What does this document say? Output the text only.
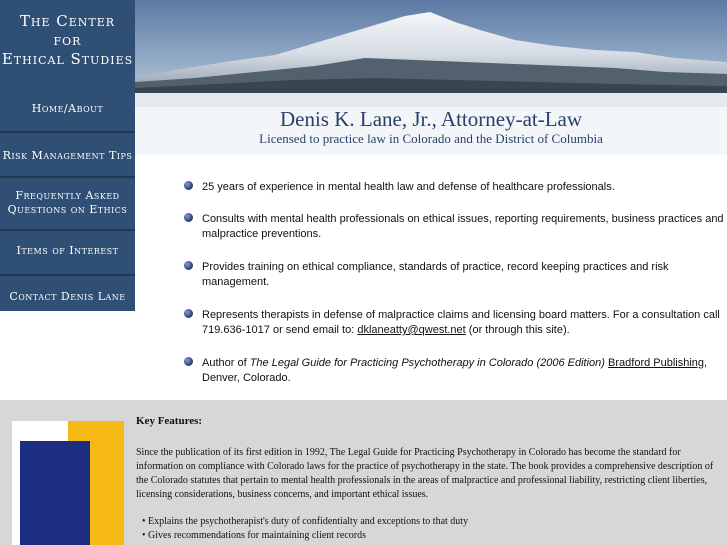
The Center
for
Ethical Studies
Home/About
Risk Management Tips
Frequently Asked
Questions on Ethics
Items of Interest
Contact Denis Lane
Denis K. Lane, Jr., Attorney-at-Law
Licensed to practice law in Colorado and the District of Columbia
25 years of experience in mental health law and defense of healthcare professionals.
Consults with mental health professionals on ethical issues, reporting requirements, business practices and malpractice preventions.
Provides training on ethical compliance, standards of practice, record keeping practices and risk management.
Represents therapists in defense of malpractice claims and licensing board matters. For a consultation call 719.636-1017 or send email to: dklaneatty@qwest.net (or through this site).
Author of The Legal Guide for Practicing Psychotherapy in Colorado (2006 Edition) Bradford Publishing, Denver, Colorado.
Key Features:
Since the publication of its first edition in 1992, The Legal Guide for Practicing Psychotherapy in Colorado has become the standard for information on compliance with Colorado laws for the practice of psychotherapy in the state. The book provides a comprehensive description of the Colorado statutes that pertain to mental health professionals in the areas of malpractice and professional liability, restricting client liberties, licensing considerations, business concerns, and important ethical issues.
• Explains the psychotherapist's duty of confidentialty and exceptions to that duty
• Gives recommendations for maintaining client records
